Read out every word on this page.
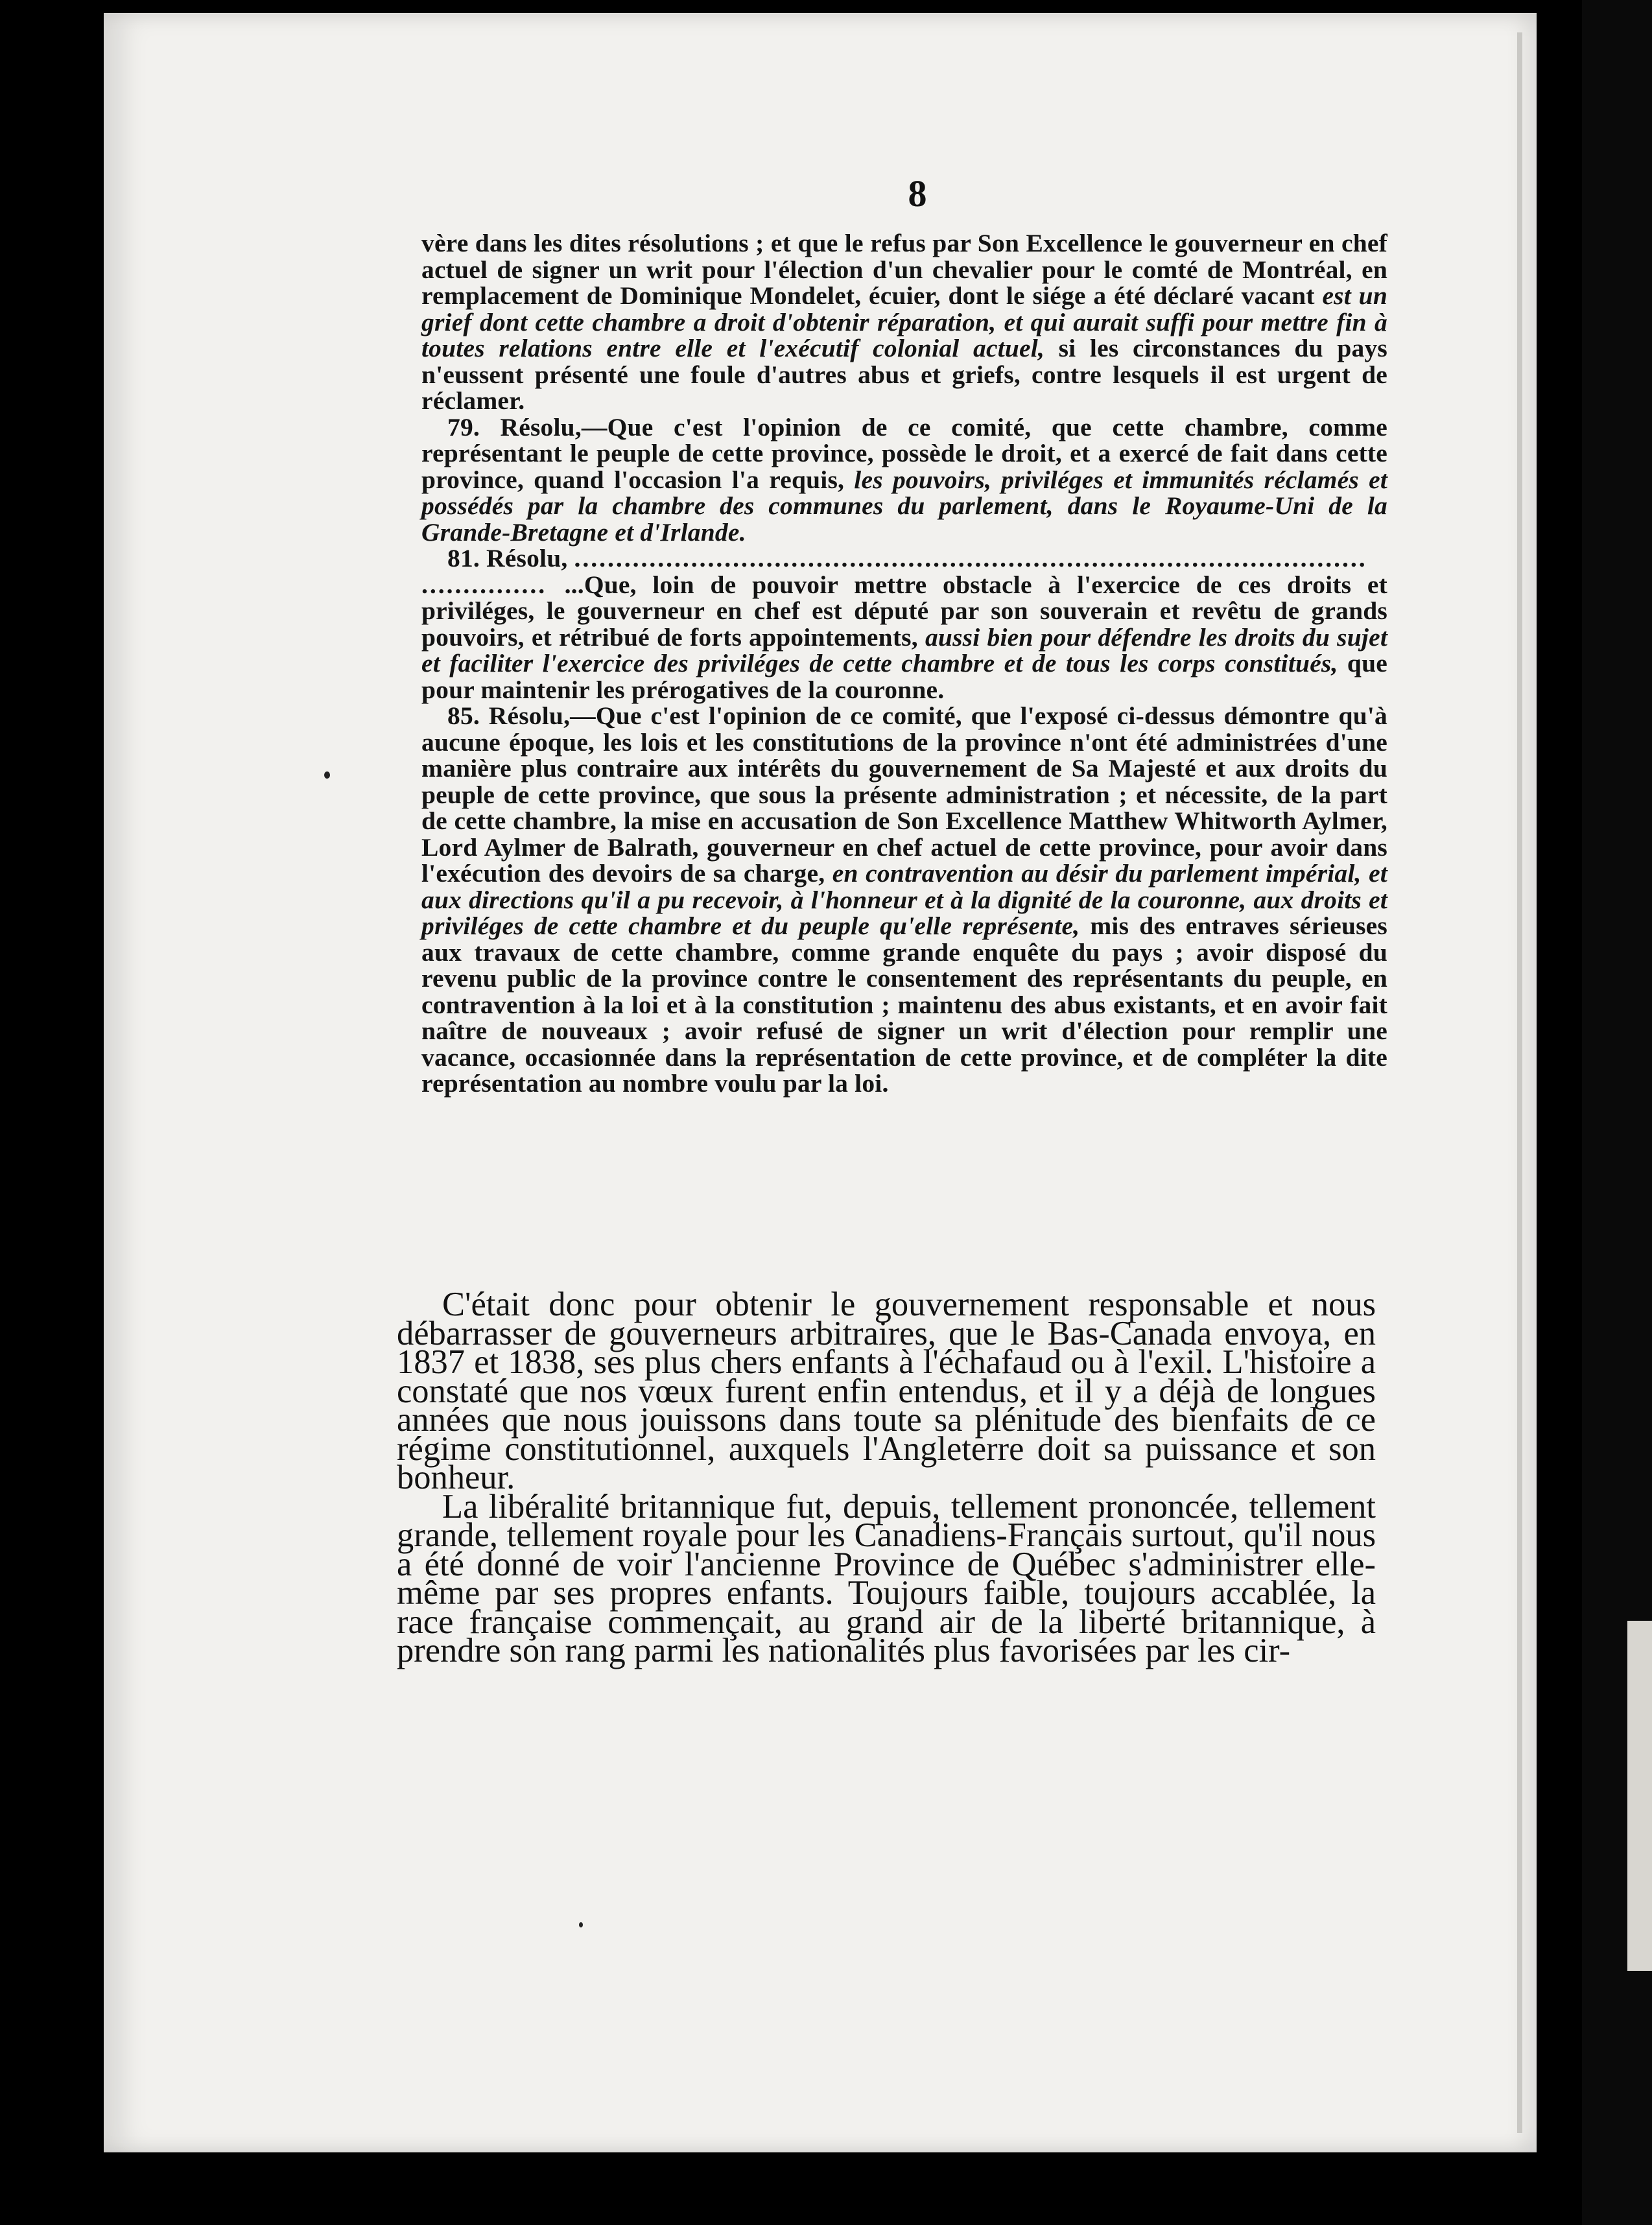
8

vère dans les dites résolutions ; et que le refus par Son Excellence le gouverneur en chef actuel de signer un writ pour l'élection d'un chevalier pour le comté de Montréal, en remplacement de Dominique Mondelet, écuier, dont le siége a été déclaré vacant est un grief dont cette chambre a droit d'obtenir réparation, et qui aurait suffi pour mettre fin à toutes relations entre elle et l'exécutif colonial actuel, si les circonstances du pays n'eussent présenté une foule d'autres abus et griefs, contre lesquels il est urgent de réclamer.

79. Résolu,—Que c'est l'opinion de ce comité, que cette chambre, comme représentant le peuple de cette province, possède le droit, et a exercé de fait dans cette province, quand l'occasion l'a requis, les pouvoirs, priviléges et immunités réclamés et possédés par la chambre des communes du parlement, dans le Royaume-Uni de la Grande-Bretagne et d'Irlande.

81. Résolu, ...............................................................................................

............... ...Que, loin de pouvoir mettre obstacle à l'exercice de ces droits et priviléges, le gouverneur en chef est député par son souverain et revêtu de grands pouvoirs, et rétribué de forts appointements, aussi bien pour défendre les droits du sujet et faciliter l'exercice des priviléges de cette chambre et de tous les corps constitués, que pour maintenir les prérogatives de la couronne.

85. Résolu,—Que c'est l'opinion de ce comité, que l'exposé ci-dessus démontre qu'à aucune époque, les lois et les constitutions de la province n'ont été administrées d'une manière plus contraire aux intérêts du gouvernement de Sa Majesté et aux droits du peuple de cette province, que sous la présente administration ; et nécessite, de la part de cette chambre, la mise en accusation de Son Excellence Matthew Whitworth Aylmer, Lord Aylmer de Balrath, gouverneur en chef actuel de cette province, pour avoir dans l'exécution des devoirs de sa charge, en contravention au désir du parlement impérial, et aux directions qu'il a pu recevoir, à l'honneur et à la dignité de la couronne, aux droits et priviléges de cette chambre et du peuple qu'elle représente, mis des entraves sérieuses aux travaux de cette chambre, comme grande enquête du pays ; avoir disposé du revenu public de la province contre le consentement des représentants du peuple, en contravention à la loi et à la constitution ; maintenu des abus existants, et en avoir fait naître de nouveaux ; avoir refusé de signer un writ d'élection pour remplir une vacance, occasionnée dans la représentation de cette province, et de compléter la dite représentation au nombre voulu par la loi.

C'était donc pour obtenir le gouvernement responsable et nous débarrasser de gouverneurs arbitraires, que le Bas-Canada envoya, en 1837 et 1838, ses plus chers enfants à l'échafaud ou à l'exil. L'histoire a constaté que nos vœux furent enfin entendus, et il y a déjà de longues années que nous jouissons dans toute sa plénitude des bienfaits de ce régime constitutionnel, auxquels l'Angleterre doit sa puissance et son bonheur.

La libéralité britannique fut, depuis, tellement prononcée, tellement grande, tellement royale pour les Canadiens-Français surtout, qu'il nous a été donné de voir l'ancienne Province de Québec s'administrer elle-même par ses propres enfants. Toujours faible, toujours accablée, la race française commençait, au grand air de la liberté britannique, à prendre son rang parmi les nationalités plus favorisées par les cir-
